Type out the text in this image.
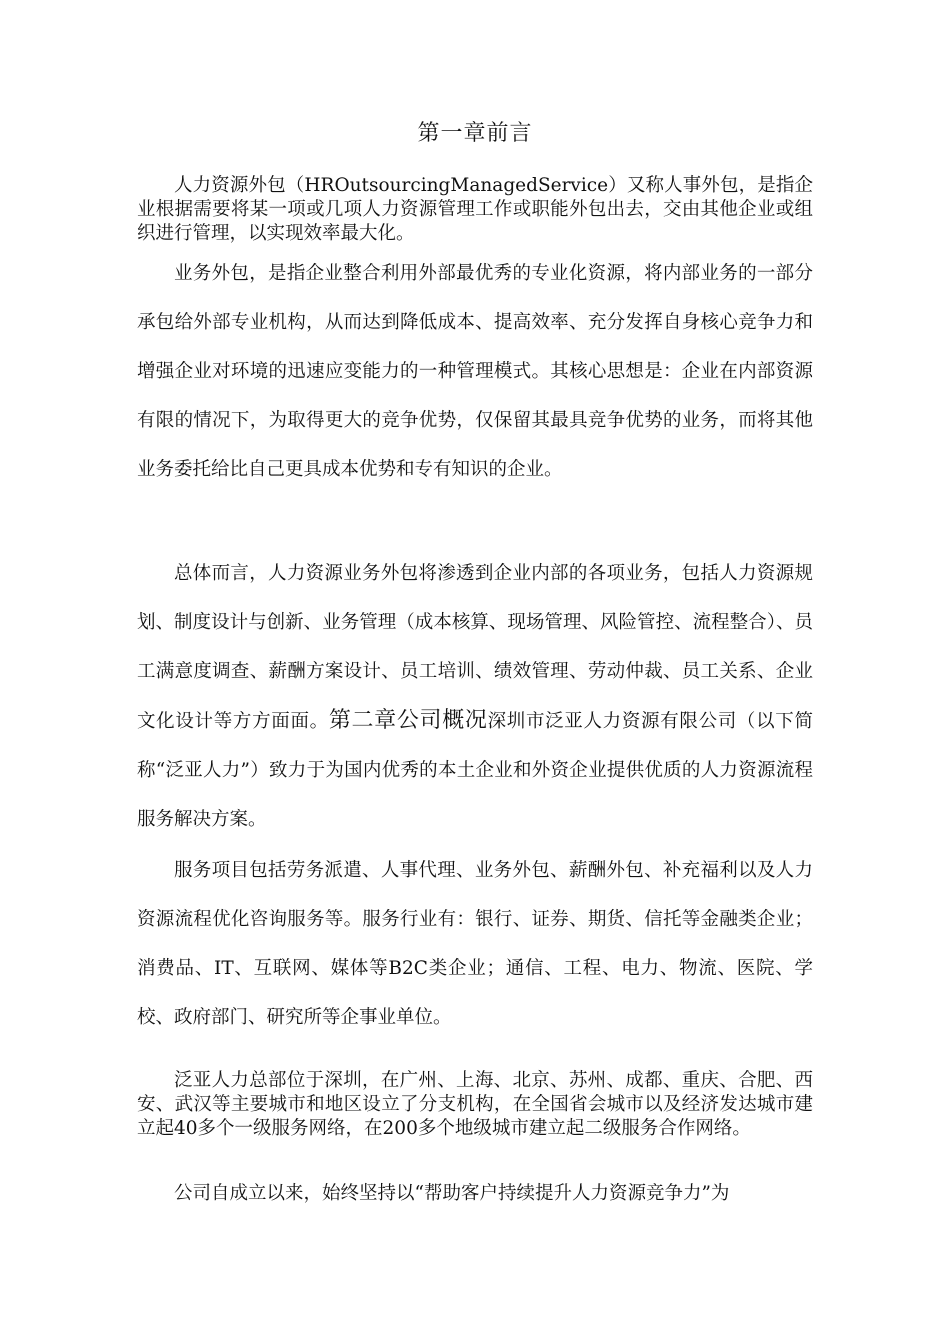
第一章前言

人力资源外包（HROutsourcingManagedService）又称人事外包，是指企业根据需要将某一项或几项人力资源管理工作或职能外包出去，交由其他企业或组织进行管理，以实现效率最大化。

业务外包，是指企业整合利用外部最优秀的专业化资源，将内部业务的一部分承包给外部专业机构，从而达到降低成本、提高效率、充分发挥自身核心竞争力和增强企业对环境的迅速应变能力的一种管理模式。其核心思想是：企业在内部资源有限的情况下，为取得更大的竞争优势，仅保留其最具竞争优势的业务，而将其他业务委托给比自己更具成本优势和专有知识的企业。

总体而言，人力资源业务外包将渗透到企业内部的各项业务，包括人力资源规划、制度设计与创新、业务管理（成本核算、现场管理、风险管控、流程整合）、员工满意度调查、薪酬方案设计、员工培训、绩效管理、劳动仲裁、员工关系、企业文化设计等方方面面。第二章公司概况深圳市泛亚人力资源有限公司（以下简称“泛亚人力”）致力于为国内优秀的本土企业和外资企业提供优质的人力资源流程服务解决方案。

服务项目包括劳务派遣、人事代理、业务外包、薪酬外包、补充福利以及人力资源流程优化咨询服务等。服务行业有：银行、证券、期货、信托等金融类企业；消费品、IT、互联网、媒体等B2C类企业；通信、工程、电力、物流、医院、学校、政府部门、研究所等企事业单位。

泛亚人力总部位于深圳，在广州、上海、北京、苏州、成都、重庆、合肥、西安、武汉等主要城市和地区设立了分支机构，在全国省会城市以及经济发达城市建立起40多个一级服务网络，在200多个地级城市建立起二级服务合作网络。

公司自成立以来，始终坚持以“帮助客户持续提升人力资源竞争力”为
